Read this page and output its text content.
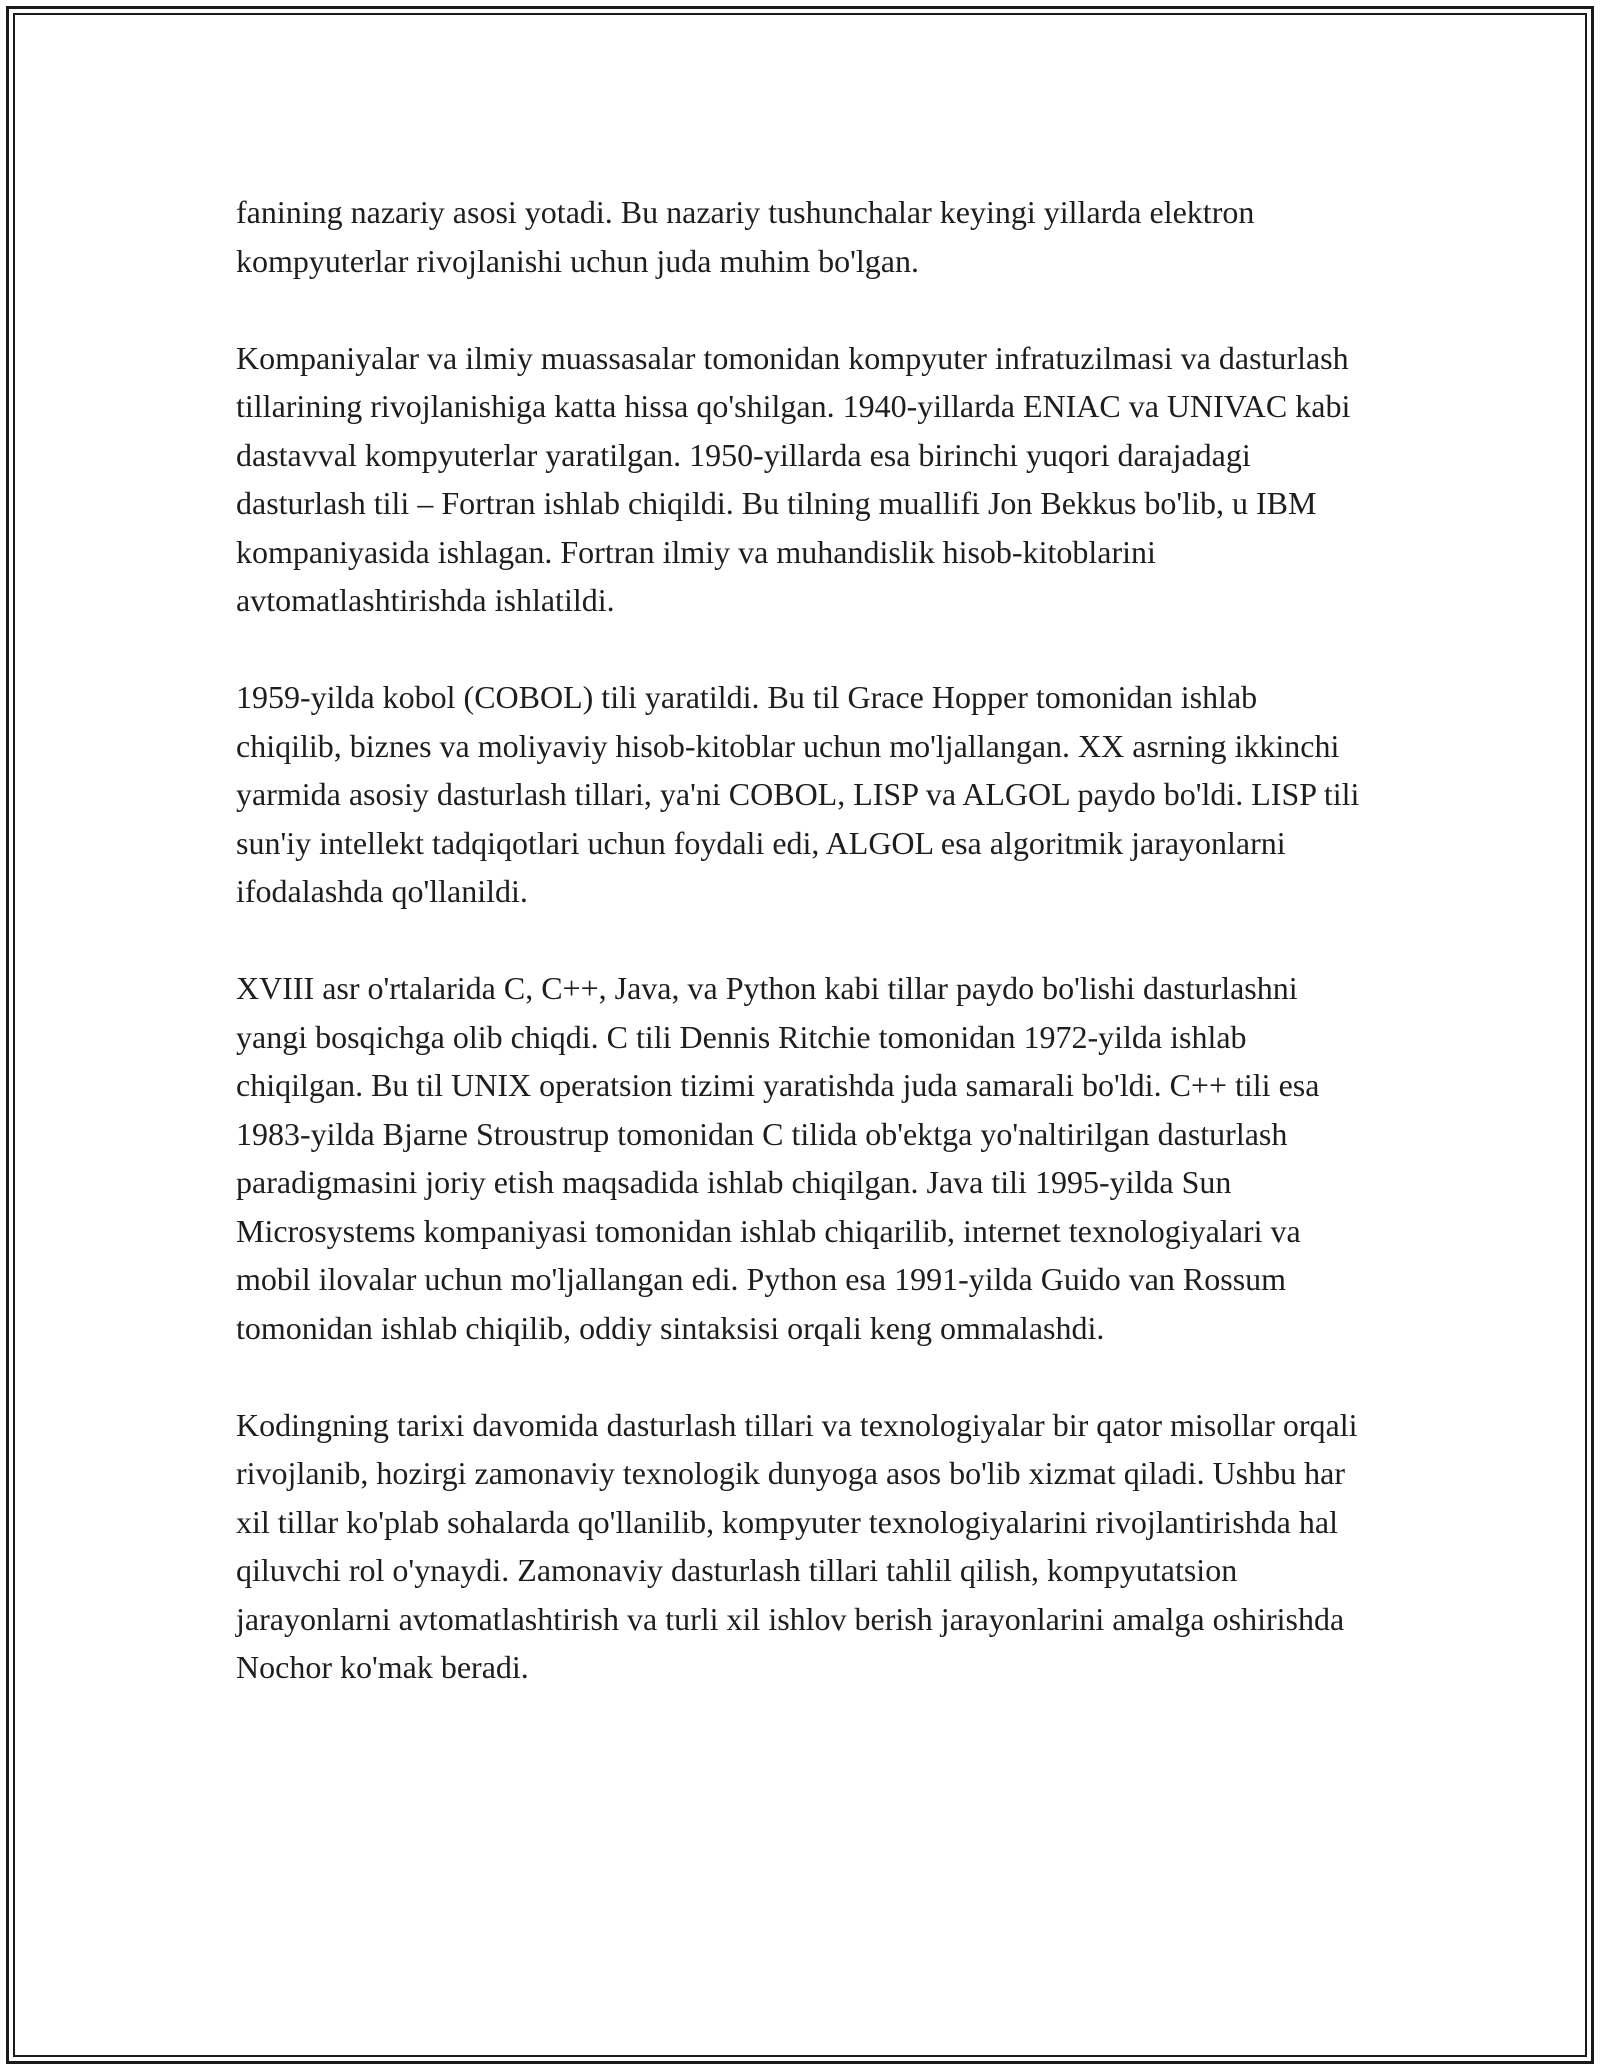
fanining nazariy asosi yotadi. Bu nazariy tushunchalar keyingi yillarda elektron kompyuterlar rivojlanishi uchun juda muhim bo'lgan.

Kompaniyalar va ilmiy muassasalar tomonidan kompyuter infratuzilmasi va dasturlash tillarining rivojlanishiga katta hissa qo'shilgan. 1940-yillarda ENIAC va UNIVAC kabi dastavval kompyuterlar yaratilgan. 1950-yillarda esa birinchi yuqori darajadagi dasturlash tili – Fortran ishlab chiqildi. Bu tilning muallifi Jon Bekkus bo'lib, u IBM kompaniyasida ishlagan. Fortran ilmiy va muhandislik hisob-kitoblarini avtomatlashtirishda ishlatildi.

1959-yilda kobol (COBOL) tili yaratildi. Bu til Grace Hopper tomonidan ishlab chiqilib, biznes va moliyaviy hisob-kitoblar uchun mo'ljallangan. XX asrning ikkinchi yarmida asosiy dasturlash tillari, ya'ni COBOL, LISP va ALGOL paydo bo'ldi. LISP tili sun'iy intellekt tadqiqotlari uchun foydali edi, ALGOL esa algoritmik jarayonlarni ifodalashda qo'llanildi.

XVIII asr o'rtalarida C, C++, Java, va Python kabi tillar paydo bo'lishi dasturlashni yangi bosqichga olib chiqdi. C tili Dennis Ritchie tomonidan 1972-yilda ishlab chiqilgan. Bu til UNIX operatsion tizimi yaratishda juda samarali bo'ldi. C++ tili esa 1983-yilda Bjarne Stroustrup tomonidan C tilida ob'ektga yo'naltirilgan dasturlash paradigmasini joriy etish maqsadida ishlab chiqilgan. Java tili 1995-yilda Sun Microsystems kompaniyasi tomonidan ishlab chiqarilib, internet texnologiyalari va mobil ilovalar uchun mo'ljallangan edi. Python esa 1991-yilda Guido van Rossum tomonidan ishlab chiqilib, oddiy sintaksisi orqali keng ommalashdi.

Kodingning tarixi davomida dasturlash tillari va texnologiyalar bir qator misollar orqali rivojlanib, hozirgi zamonaviy texnologik dunyoga asos bo'lib xizmat qiladi. Ushbu har xil tillar ko'plab sohalarda qo'llanilib, kompyuter texnologiyalarini rivojlantirishda hal qiluvchi rol o'ynaydi. Zamonaviy dasturlash tillari tahlil qilish, kompyutatsion jarayonlarni avtomatlashtirish va turli xil ishlov berish jarayonlarini amalga oshirishda Nochor ko'mak beradi.
